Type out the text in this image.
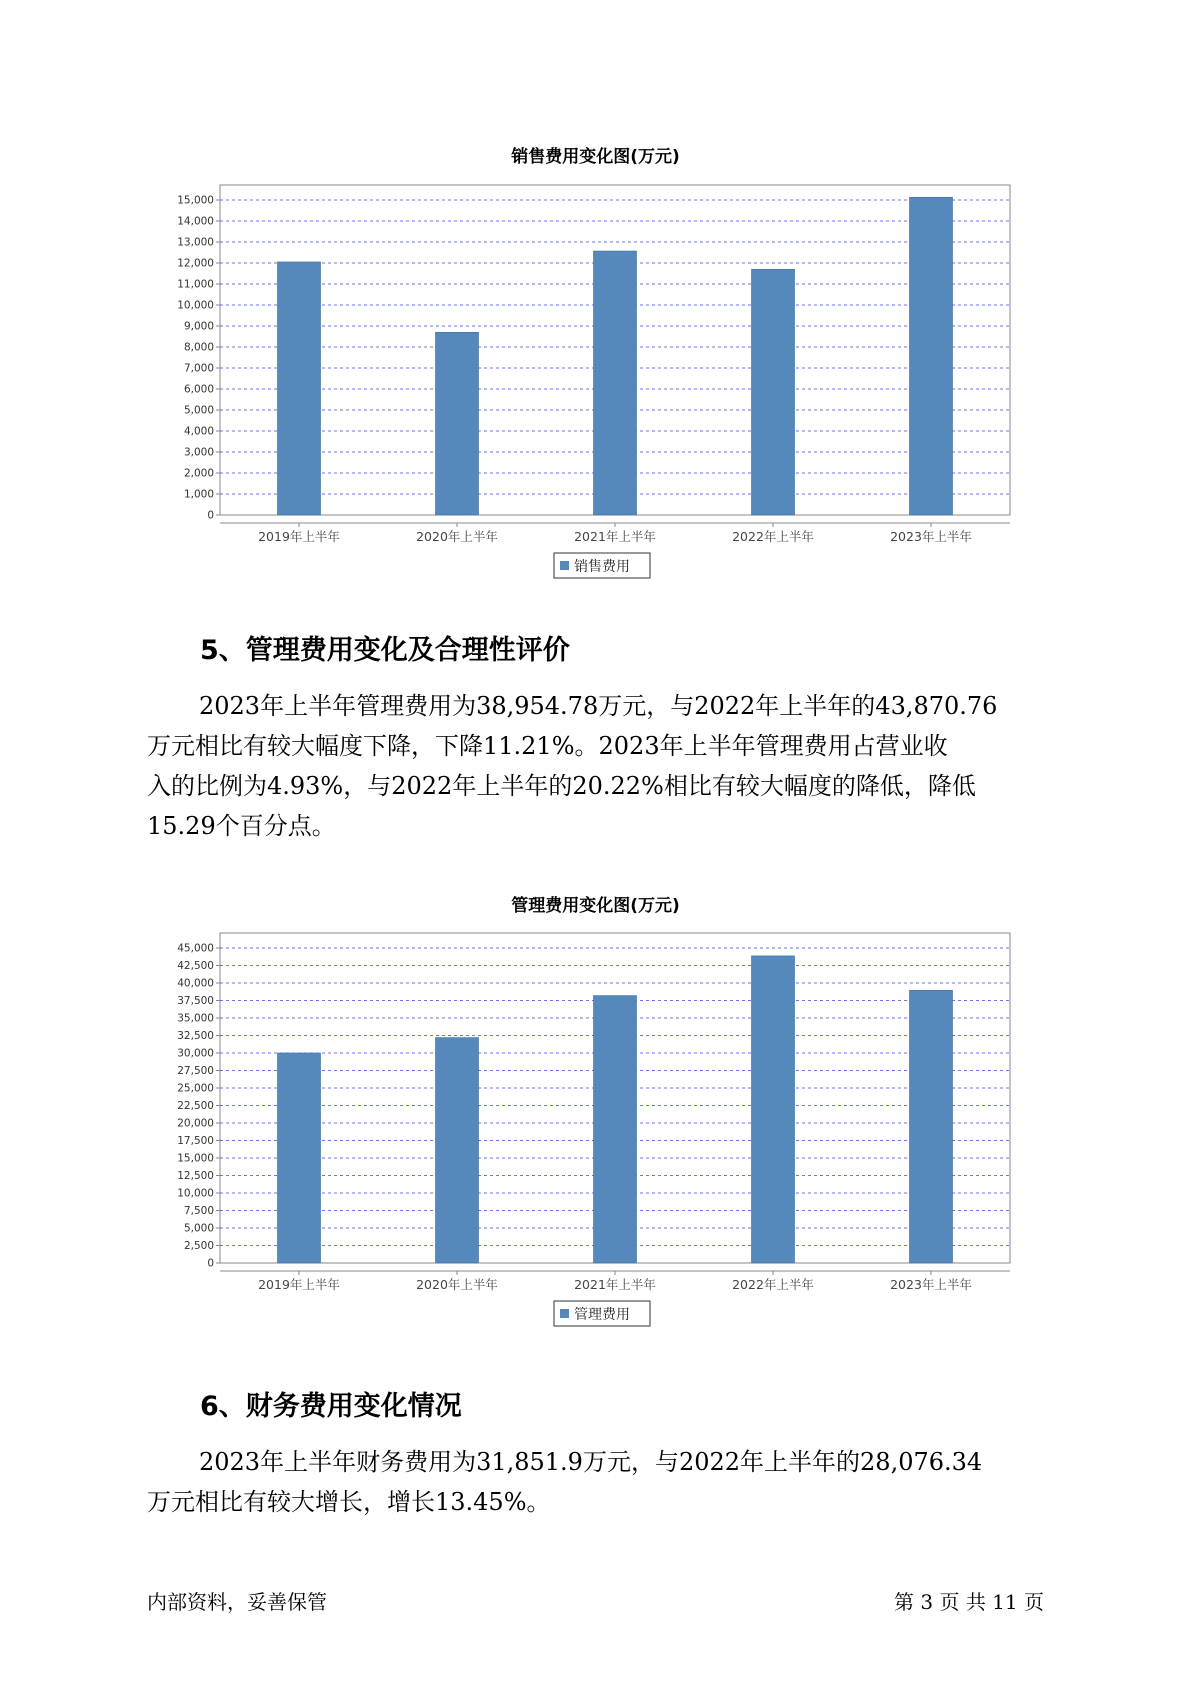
销售费用变化图(万元)
0
1,000
2,000
3,000
4,000
5,000
6,000
7,000
8,000
9,000
10,000
11,000
12,000
13,000
14,000
15,000
2019年上半年	2020年上半年	2021年上半年	2022年上半年	2023年上半年
销售费用
5、管理费用变化及合理性评价

2023年上半年管理费用为38,954.78万元，与2022年上半年的43,870.76

万元相比有较大幅度下降，下降11.21%。2023年上半年管理费用占营业收

入的比例为4.93%，与2022年上半年的20.22%相比有较大幅度的降低，降低

15.29个百分点。

管理费用变化图(万元)
0
2,500
5,000
7,500
10,000
12,500
15,000
17,500
20,000
22,500
25,000
27,500
30,000
32,500
35,000
37,500
40,000
42,500
45,000
2019年上半年	2020年上半年	2021年上半年	2022年上半年	2023年上半年
管理费用
6、财务费用变化情况

2023年上半年财务费用为31,851.9万元，与2022年上半年的28,076.34

万元相比有较大增长，增长13.45%。

内部资料，妥善保管	第 3 页 共 11 页
